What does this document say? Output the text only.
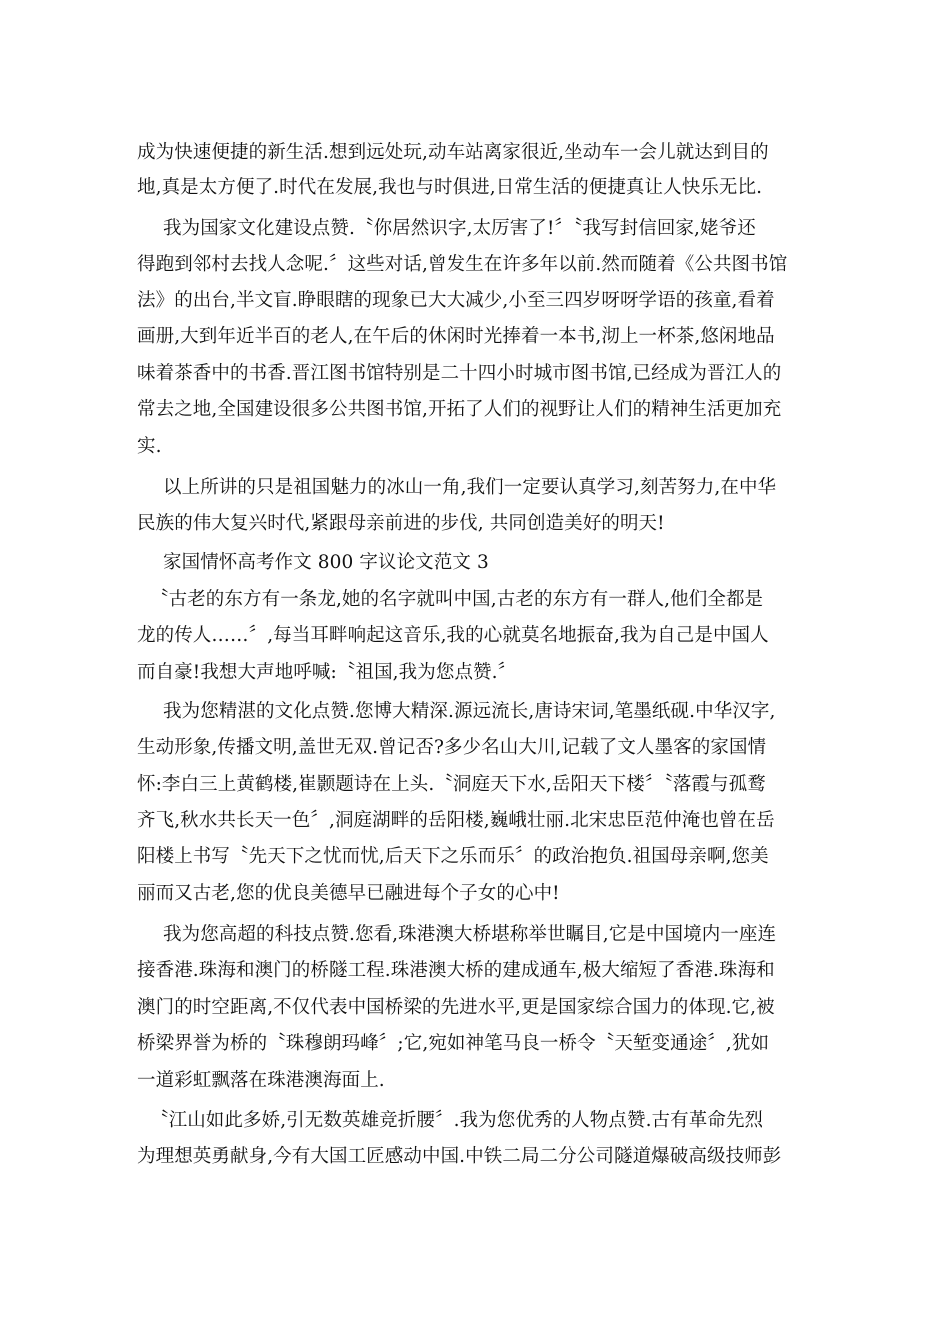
成为快速便捷的新生活.想到远处玩,动车站离家很近,坐动车一会儿就达到目的
地,真是太方便了.时代在发展,我也与时俱进,日常生活的便捷真让人快乐无比.
我为国家文化建设点赞.〝你居然识字,太厉害了!〞〝我写封信回家,姥爷还
得跑到邻村去找人念呢.〞这些对话,曾发生在许多年以前.然而随着《公共图书馆
法》的出台,半文盲.睁眼瞎的现象已大大减少,小至三四岁呀呀学语的孩童,看着
画册,大到年近半百的老人,在午后的休闲时光捧着一本书,沏上一杯茶,悠闲地品
味着茶香中的书香.晋江图书馆特别是二十四小时城市图书馆,已经成为晋江人的
常去之地,全国建设很多公共图书馆,开拓了人们的视野让人们的精神生活更加充
实.
以上所讲的只是祖国魅力的冰山一角,我们一定要认真学习,刻苦努力,在中华
民族的伟大复兴时代,紧跟母亲前进的步伐, 共同创造美好的明天!
家国情怀高考作文 800 字议论文范文 3
〝古老的东方有一条龙,她的名字就叫中国,古老的东方有一群人,他们全都是
龙的传人……〞,每当耳畔响起这音乐,我的心就莫名地振奋,我为自己是中国人
而自豪!我想大声地呼喊:〝祖国,我为您点赞.〞
我为您精湛的文化点赞.您博大精深.源远流长,唐诗宋词,笔墨纸砚.中华汉字,
生动形象,传播文明,盖世无双.曾记否?多少名山大川,记载了文人墨客的家国情
怀:李白三上黄鹤楼,崔颢题诗在上头.〝洞庭天下水,岳阳天下楼〞〝落霞与孤鹜
齐飞,秋水共长天一色〞,洞庭湖畔的岳阳楼,巍峨壮丽.北宋忠臣范仲淹也曾在岳
阳楼上书写〝先天下之忧而忧,后天下之乐而乐〞的政治抱负.祖国母亲啊,您美
丽而又古老,您的优良美德早已融进每个子女的心中!
我为您高超的科技点赞.您看,珠港澳大桥堪称举世瞩目,它是中国境内一座连
接香港.珠海和澳门的桥隧工程.珠港澳大桥的建成通车,极大缩短了香港.珠海和
澳门的时空距离,不仅代表中国桥梁的先进水平,更是国家综合国力的体现.它,被
桥梁界誉为桥的〝珠穆朗玛峰〞;它,宛如神笔马良一桥令〝天堑变通途〞,犹如
一道彩虹飘落在珠港澳海面上.
〝江山如此多娇,引无数英雄竞折腰〞.我为您优秀的人物点赞.古有革命先烈
为理想英勇献身,今有大国工匠感动中国.中铁二局二分公司隧道爆破高级技师彭
